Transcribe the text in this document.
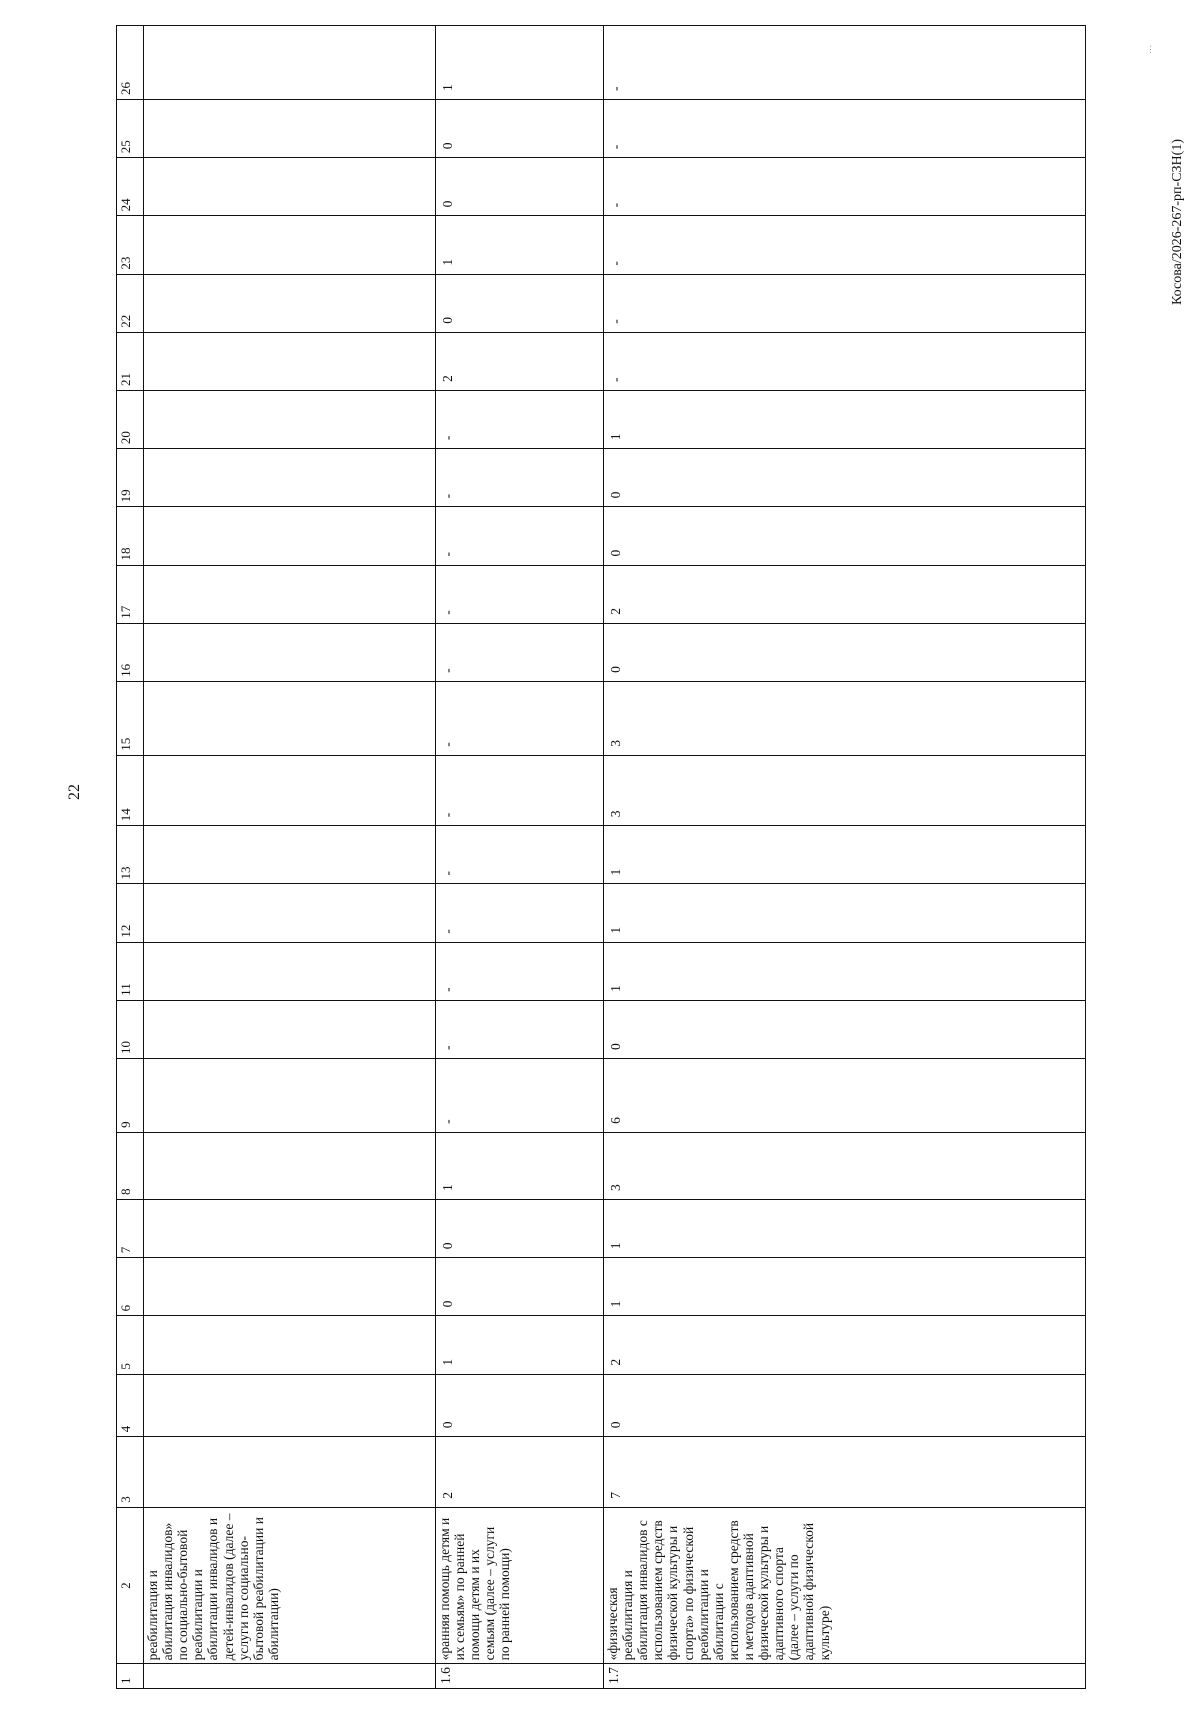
22
Косова/2026-267-рп-СЗН(1)
⋮
1	2	3	4	5	6	7	8	9	10	11	12	13	14	15	16	17	18	19	20	21	22	23	24	25	26
	реабилитация и абилитация инвалидов» по социально-бытовой реабилитации и абилитации инвалидов и детей-инвалидов (далее – услуги по социально-бытовой реабилитации и абилитации)																								
1.6	«ранняя помощь детям и их семьям» по ранней помощи детям и их семьям (далее – услуги по ранней помощи)	2	0	1	0	0	1	-	-	-	-	-	-	-	-	-	-	-	-	2	0	1	0	0	1
1.7	«физическая реабилитация и абилитация инвалидов с использованием средств физической культуры и спорта» по физической реабилитации и абилитации с использованием средств и методов адаптивной физической культуры и адаптивного спорта (далее – услуги по адаптивной физической культуре)	7	0	2	1	1	3	6	0	1	1	1	3	3	0	2	0	0	1	-	-	-	-	-	-
